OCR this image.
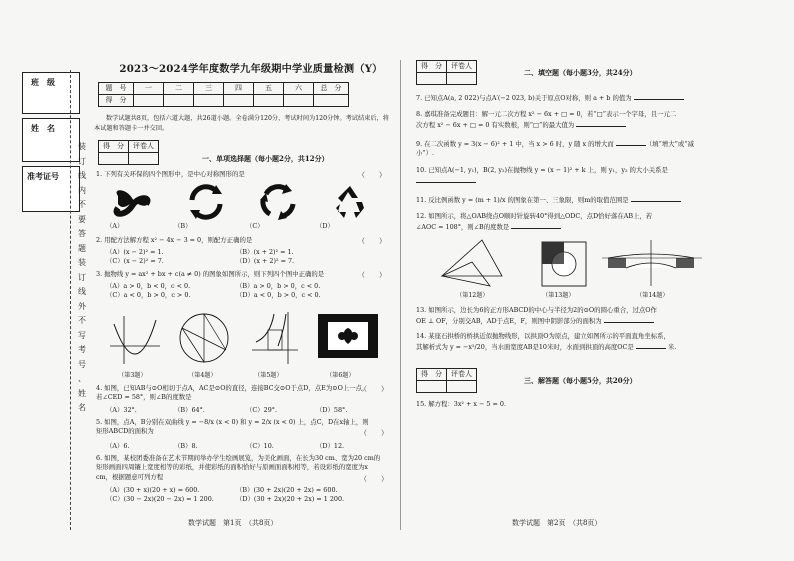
班　级
姓　名
准考证号
装
订
线
内
不
要
答
题
装
订
线
外
不
写
考
号
、
姓
名
2023～2024学年度数学九年级期中学业质量检测（Y）
题　号	一	二	三	四	五	六	总　分
得　分							
数学试题共8页，包括六道大题，共26道小题。全卷满分120分，考试时间为120分钟。考试结束后，将本试题和答题卡一并交回。
得　分	评卷人

一、单项选择题（每小题2分，共12分）
1. 下列有关环保的四个图形中，是中心对称图形的是	（　　）
（A）	（B）	（C）	（D）
2. 用配方法解方程 x² − 4x − 3 = 0，则配方正确的是	（　　）
（A）(x − 2)² = 1.	（B）(x + 2)² = 1.
（C）(x − 2)² = 7.	（D）(x + 2)² = 7.
3. 抛物线 y = ax² + bx + c(a ≠ 0) 的图象如图所示，则下列四个图中正确的是	（　　）
（A）a > 0，b < 0，c < 0.	（B）a > 0，b > 0，c < 0.
（C）a < 0，b > 0，c > 0.	（D）a < 0，b > 0，c < 0.
（第3题）	（第4题）	（第5题）	（第6题）
4. 如图，已知AB与⊙O相切于点A，AC是⊙O的直径，连接BC交⊙O于点D，点E为⊙O上一点，若∠CED = 58°，则∠B的度数是
（　　）
（A）32°.	（B）64°.	（C）29°.	（D）58°.
5. 如图，点A，B分别在双曲线 y = −8/x (x < 0) 和 y = 2/x (x < 0) 上，点C，D在x轴上，则矩形ABCD的面积为	（　　）
（A）6.	（B）8.	（C）10.	（D）12.
6. 如图，某校团委准备在艺术节期间举办学生绘画展览，为美化画面，在长为30 cm、宽为20 cm的矩形画面四周镶上宽度相等的彩纸，并使彩纸的面积恰好与原画面面积相等，若设彩纸的宽度为x cm，根据题意可列方程	（　　）
（A）(30 + x)(20 + x) = 600.	（B）(30 + 2x)(20 + 2x) = 600.
（C）(30 − 2x)(20 − 2x) = 1 200.	（D）(30 + 2x)(20 + 2x) = 1 200.
数学试题　第1页　（共8页）
得　分	评卷人

二、填空题（每小题3分，共24分）
7. 已知点A(a, 2 022)与点A′(−2 023, b)关于原点O对称，则 a + b 的值为
8. 嘉琪准备完成题目：解一元二次方程 x² − 6x + □ = 0，若“□”表示一个字母，且一元二
次方程 x² − 6x + □ = 0 有实数根，则“□”的最大值为
9. 在二次函数 y = 3(x − 6)² + 1 中，当 x > 6 时，y 随 x 的增大而	（填“增大”或“减小”）.
10. 已知点A(−1, y₁)，B(2, y₂)在抛物线 y = (x − 1)² + k 上，则 y₁，y₂ 的大小关系是

11. 反比例函数 y = (m + 1)/x 的图象在第一、三象限，则m的取值范围是
12. 如图所示，将△OAB绕点O顺时针旋转40°得到△ODC，点D恰好落在AB上，若
∠AOC = 108°，则∠B的度数是
（第12题）	（第13题）	（第14题）
13. 如图所示，边长为6的正方形ABCD的中心与半径为2的⊙O的圆心重合，过点O作
OE ⊥ OF，分别交AB，AD于点E，F，则图中阴影部分的面积为
14. 某座石拱桥的桥拱近似抛物线形，以拱顶O为原点，建立如图所示的平面直角坐标系，
其解析式为 y = −x²/20，当水面宽度AB是10米时，水面到拱顶的高度OC是	米.
得　分	评卷人

三、解答题（每小题5分，共20分）
15. 解方程：3x² + x − 5 = 0.
数学试题　第2页　（共8页）
